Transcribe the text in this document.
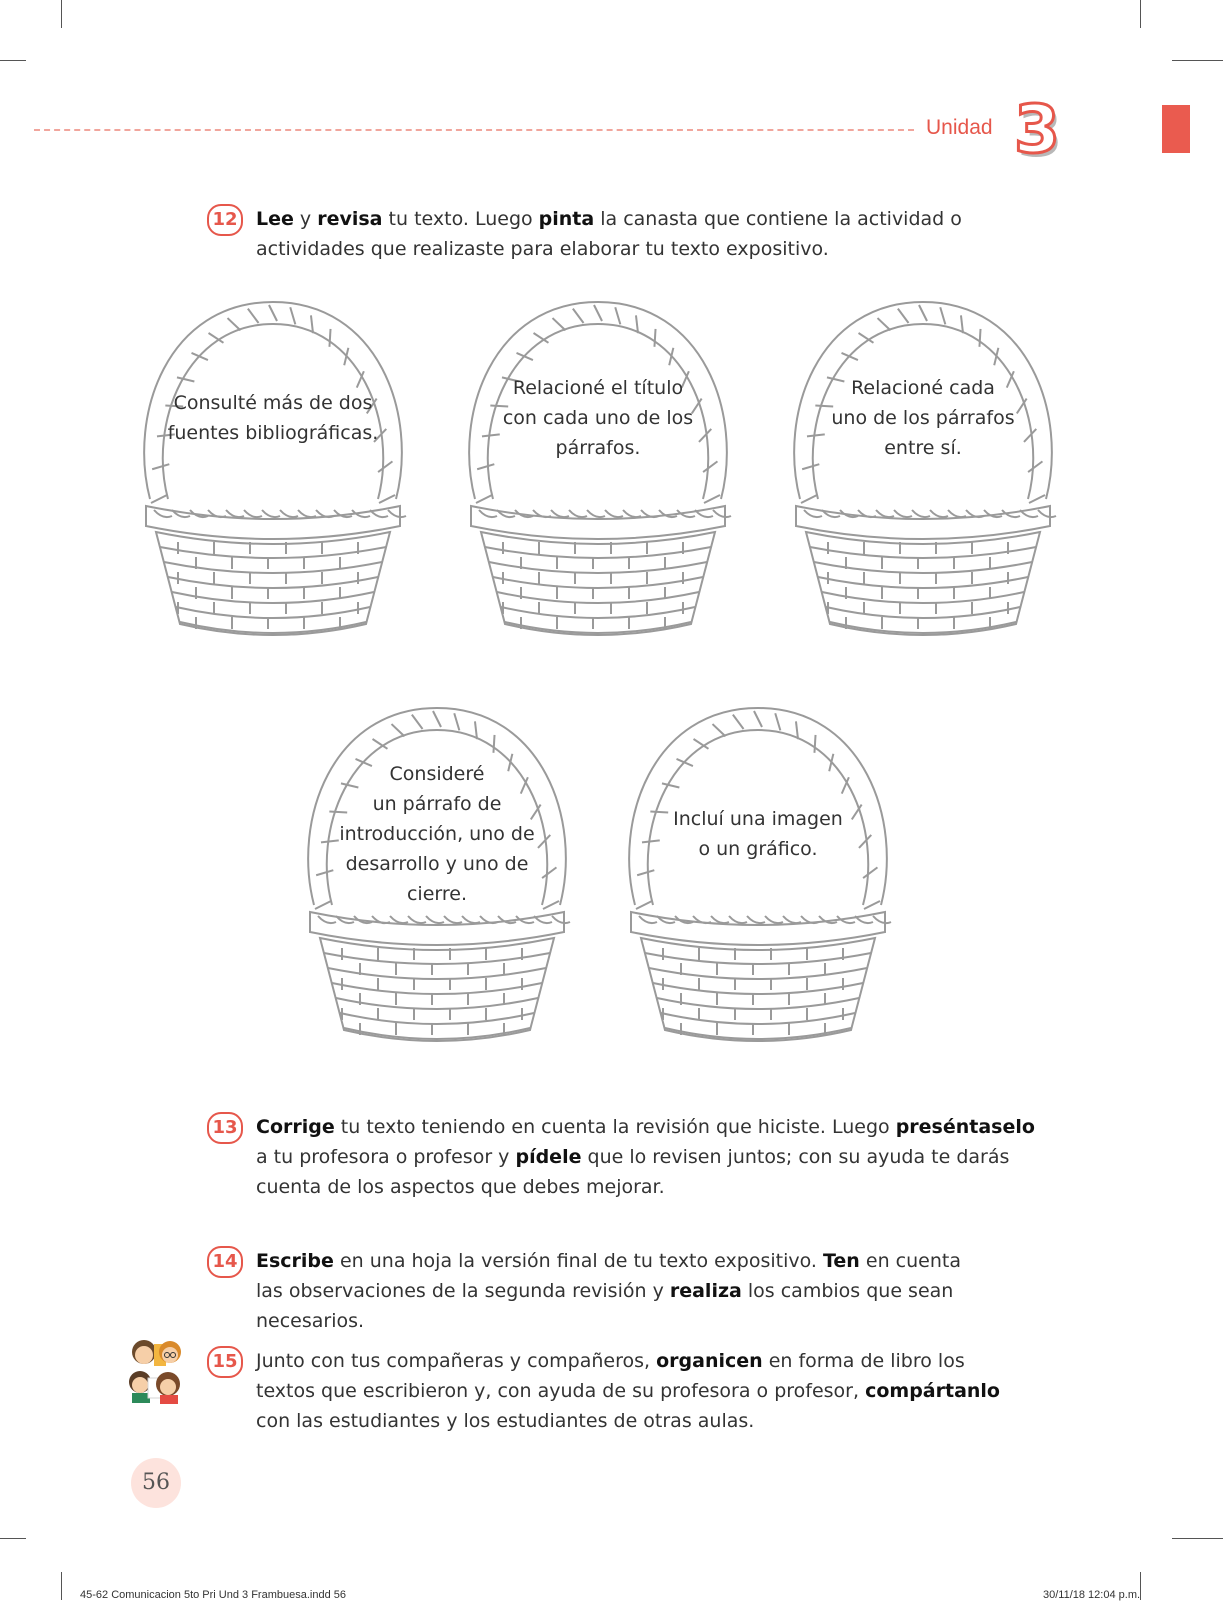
Unidad 3
12 Lee y revisa tu texto. Luego pinta la canasta que contiene la actividad o
actividades que realizaste para elaborar tu texto expositivo.
Consulté más de dos
fuentes bibliográficas.
Relacioné el título
con cada uno de los
párrafos.
Relacioné cada
uno de los párrafos
entre sí.
Consideré
un párrafo de
introducción, uno de
desarrollo y uno de
cierre.
Incluí una imagen
o un gráfico.
13 Corrige tu texto teniendo en cuenta la revisión que hiciste. Luego preséntaselo
a tu profesora o profesor y pídele que lo revisen juntos; con su ayuda te darás
cuenta de los aspectos que debes mejorar.
14 Escribe en una hoja la versión final de tu texto expositivo. Ten en cuenta
las observaciones de la segunda revisión y realiza los cambios que sean
necesarios.
15 Junto con tus compañeras y compañeros, organicen en forma de libro los
textos que escribieron y, con ayuda de su profesora o profesor, compártanlo
con las estudiantes y los estudiantes de otras aulas.
56
45-62 Comunicacion 5to Pri Und 3 Frambuesa.indd 56	30/11/18 12:04 p.m.
